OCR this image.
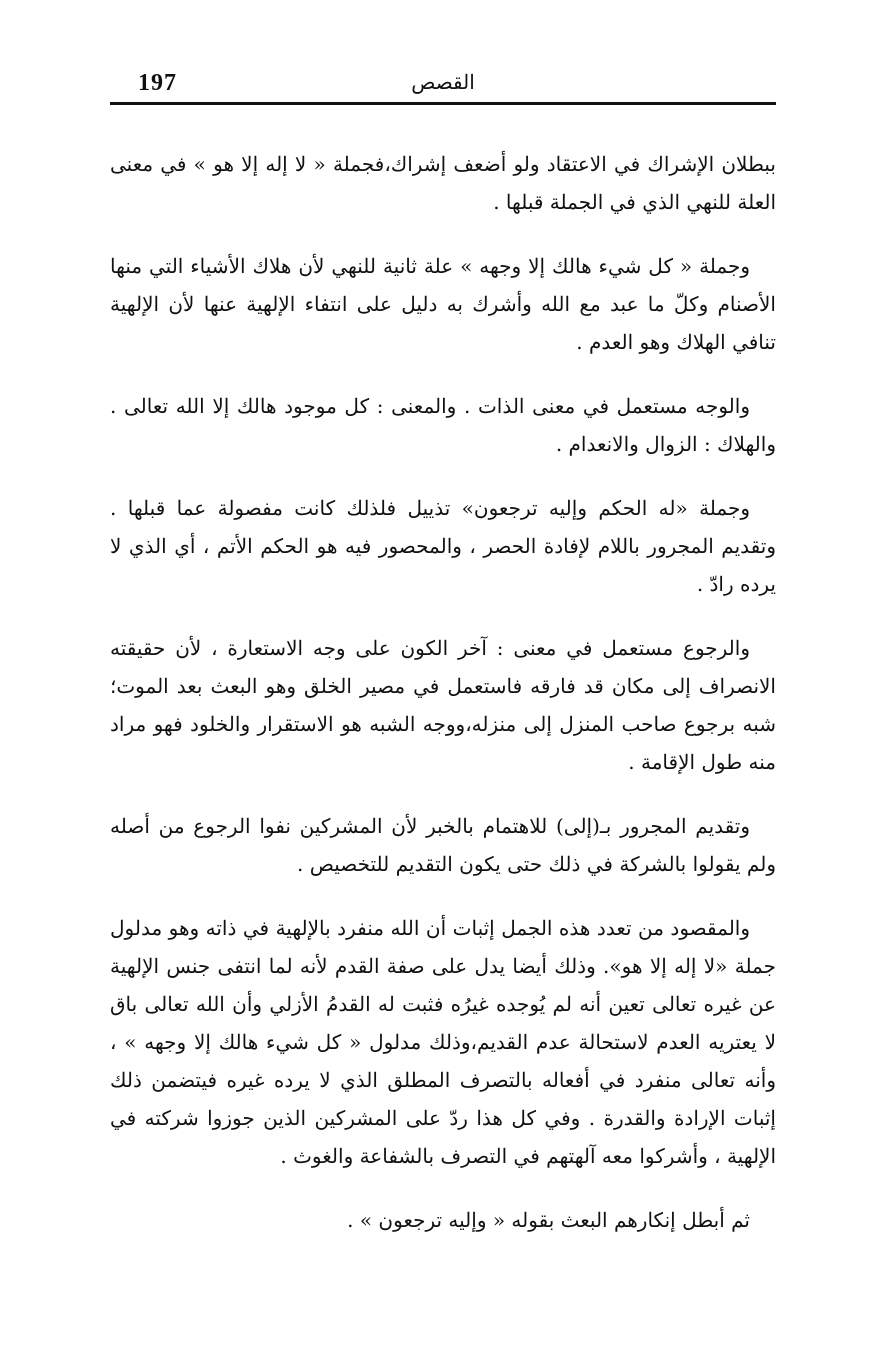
197	القصص

ببطلان الإشراك في الاعتقاد ولو أضعف إشراك،فجملة « لا إله إلا هو » في معنى العلة للنهي الذي في الجملة قبلها .

وجملة « كل شيء هالك إلا وجهه » علة ثانية للنهي لأن هلاك الأشياء التي منها الأصنام وكلّ ما عبد مع الله وأشرك به دليل على انتفاء الإلهية عنها لأن الإلهية تنافي الهلاك وهو العدم .

والوجه مستعمل في معنى الذات . والمعنى : كل موجود هالك إلا الله تعالى . والهلاك : الزوال والانعدام .

وجملة «له الحكم وإليه ترجعون» تذييل فلذلك كانت مفصولة عما قبلها . وتقديم المجرور باللام لإفادة الحصر ، والمحصور فيه هو الحكم الأتم ، أي الذي لا يرده رادّ .

والرجوع مستعمل في معنى : آخر الكون على وجه الاستعارة ، لأن حقيقته الانصراف إلى مكان قد فارقه فاستعمل في مصير الخلق وهو البعث بعد الموت؛ شبه برجوع صاحب المنزل إلى منزله،ووجه الشبه هو الاستقرار والخلود فهو مراد منه طول الإقامة .

وتقديم المجرور بـ(إلى) للاهتمام بالخبر لأن المشركين نفوا الرجوع من أصله ولم يقولوا بالشركة في ذلك حتى يكون التقديم للتخصيص .

والمقصود من تعدد هذه الجمل إثبات أن الله منفرد بالإلهية في ذاته وهو مدلول جملة «لا إله إلا هو». وذلك أيضا يدل على صفة القدم لأنه لما انتفى جنس الإلهية عن غيره تعالى تعين أنه لم يُوجده غيرُه فثبت له القدمُ الأزلي وأن الله تعالى باق لا يعتريه العدم لاستحالة عدم القديم،وذلك مدلول « كل شيء هالك إلا وجهه » ، وأنه تعالى منفرد في أفعاله بالتصرف المطلق الذي لا يرده غيره فيتضمن ذلك إثبات الإرادة والقدرة . وفي كل هذا ردّ على المشركين الذين جوزوا شركته في الإلهية ، وأشركوا معه آلهتهم في التصرف بالشفاعة والغوث .

ثم أبطل إنكارهم البعث بقوله « وإليه ترجعون » .
